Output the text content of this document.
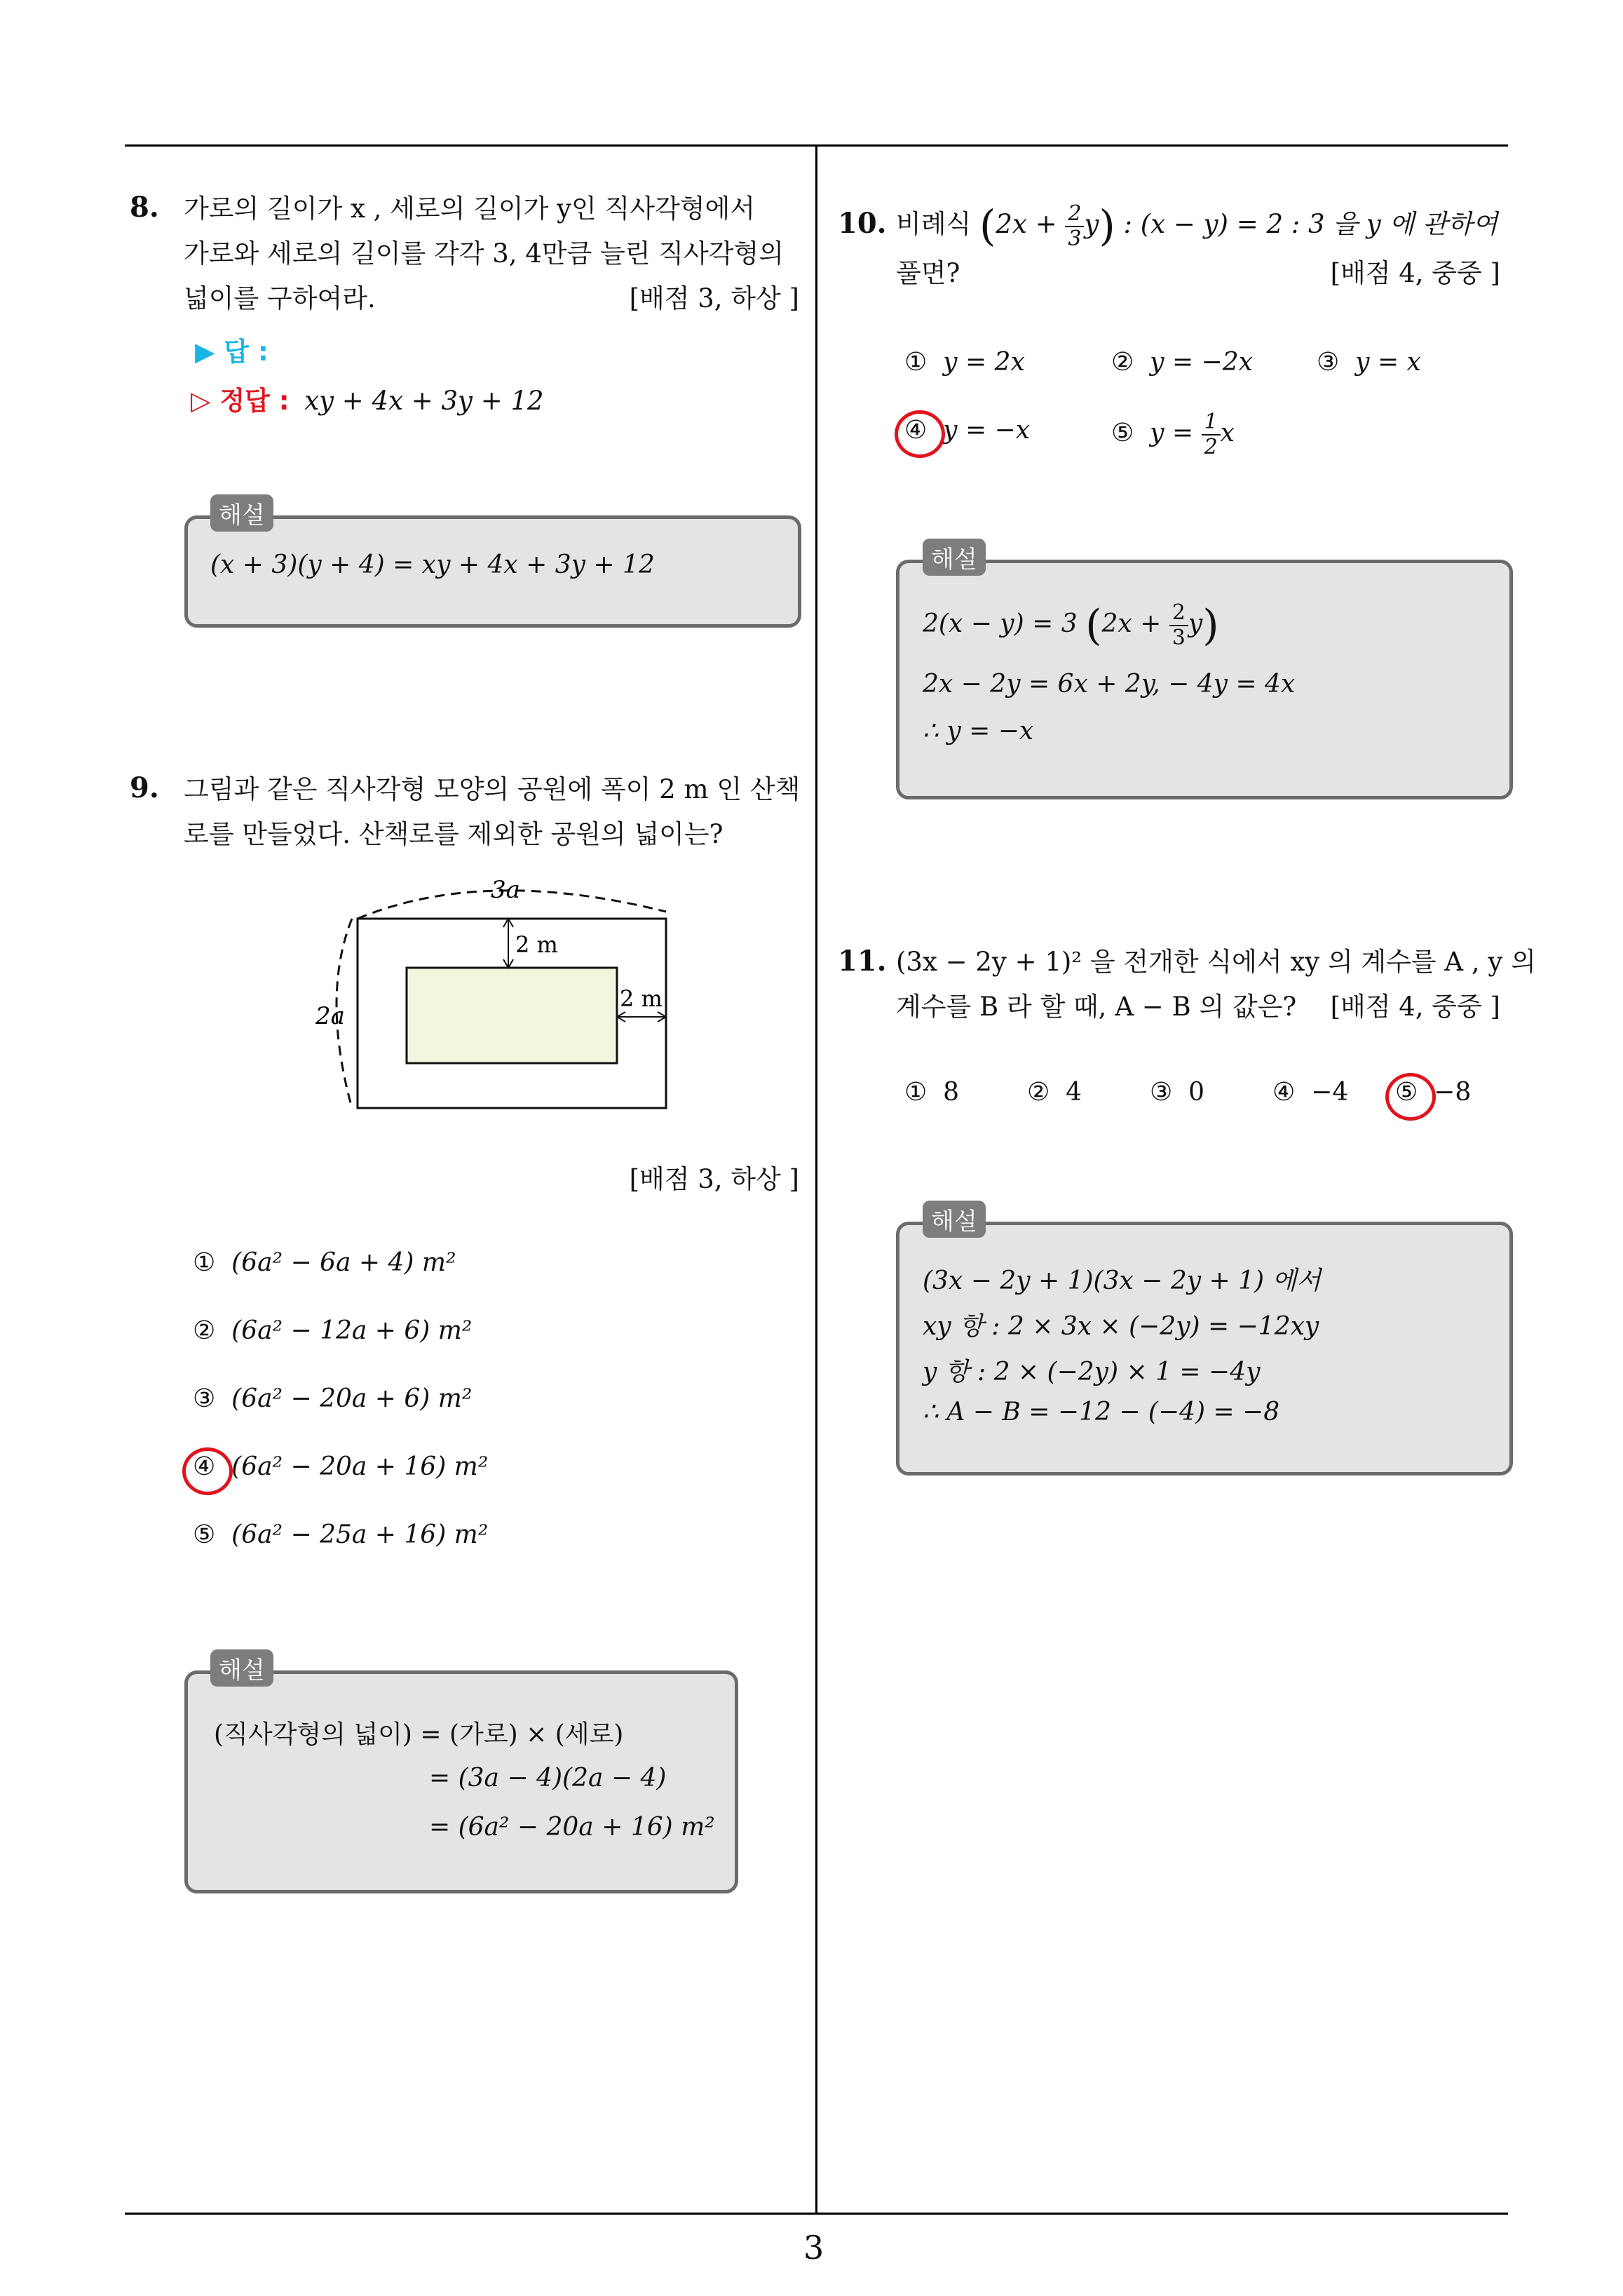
3
8. 가로의 길이가 x , 세로의 길이가 y인 직사각형에서
가로와 세로의 길이를 각각 3, 4만큼 늘린 직사각형의
넓이를 구하여라.	[배점 3, 하상 ]
▶ 답 :
▷ 정답 : xy + 4x + 3y + 12
해설
(x + 3)(y + 4) = xy + 4x + 3y + 12
9. 그림과 같은 직사각형 모양의 공원에 폭이 2 m 인 산책
로를 만들었다. 산책로를 제외한 공원의 넓이는?
3a
2a
2 m
2 m
[배점 3, 하상 ]
① (6a² − 6a + 4) m²
② (6a² − 12a + 6) m²
③ (6a² − 20a + 6) m²
④ (6a² − 20a + 16) m²
⑤ (6a² − 25a + 16) m²
해설
(직사각형의 넓이) = (가로) × (세로)
= (3a − 4)(2a − 4)
= (6a² − 20a + 16) m²
10. 비례식 $(2x + \frac{2}{3} y)$ : (x − y) = 2 : 3 을 y 에 관하여
풀면?	[배점 4, 중중 ]
① y = 2x	② y = −2x	③ y = x
④ y = −x	⑤ $y = \frac{1}{2}$ x
해설
2(x − y) = 3 $(2x + \frac{2}{3} y)$
2x − 2y = 6x + 2y, − 4y = 4x
∴ y = −x
11. (3x − 2y + 1)² 을 전개한 식에서 xy 의 계수를 A , y 의
계수를 B 라 할 때, A − B 의 값은?	[배점 4, 중중 ]
① 8	② 4	③ 0	④ −4 ⑤ −8
해설
(3x − 2y + 1)(3x − 2y + 1) 에서
xy 항 : 2 × 3x × (−2y) = −12xy
y 항 : 2 × (−2y) × 1 = −4y
∴ A − B = −12 − (−4) = −8
